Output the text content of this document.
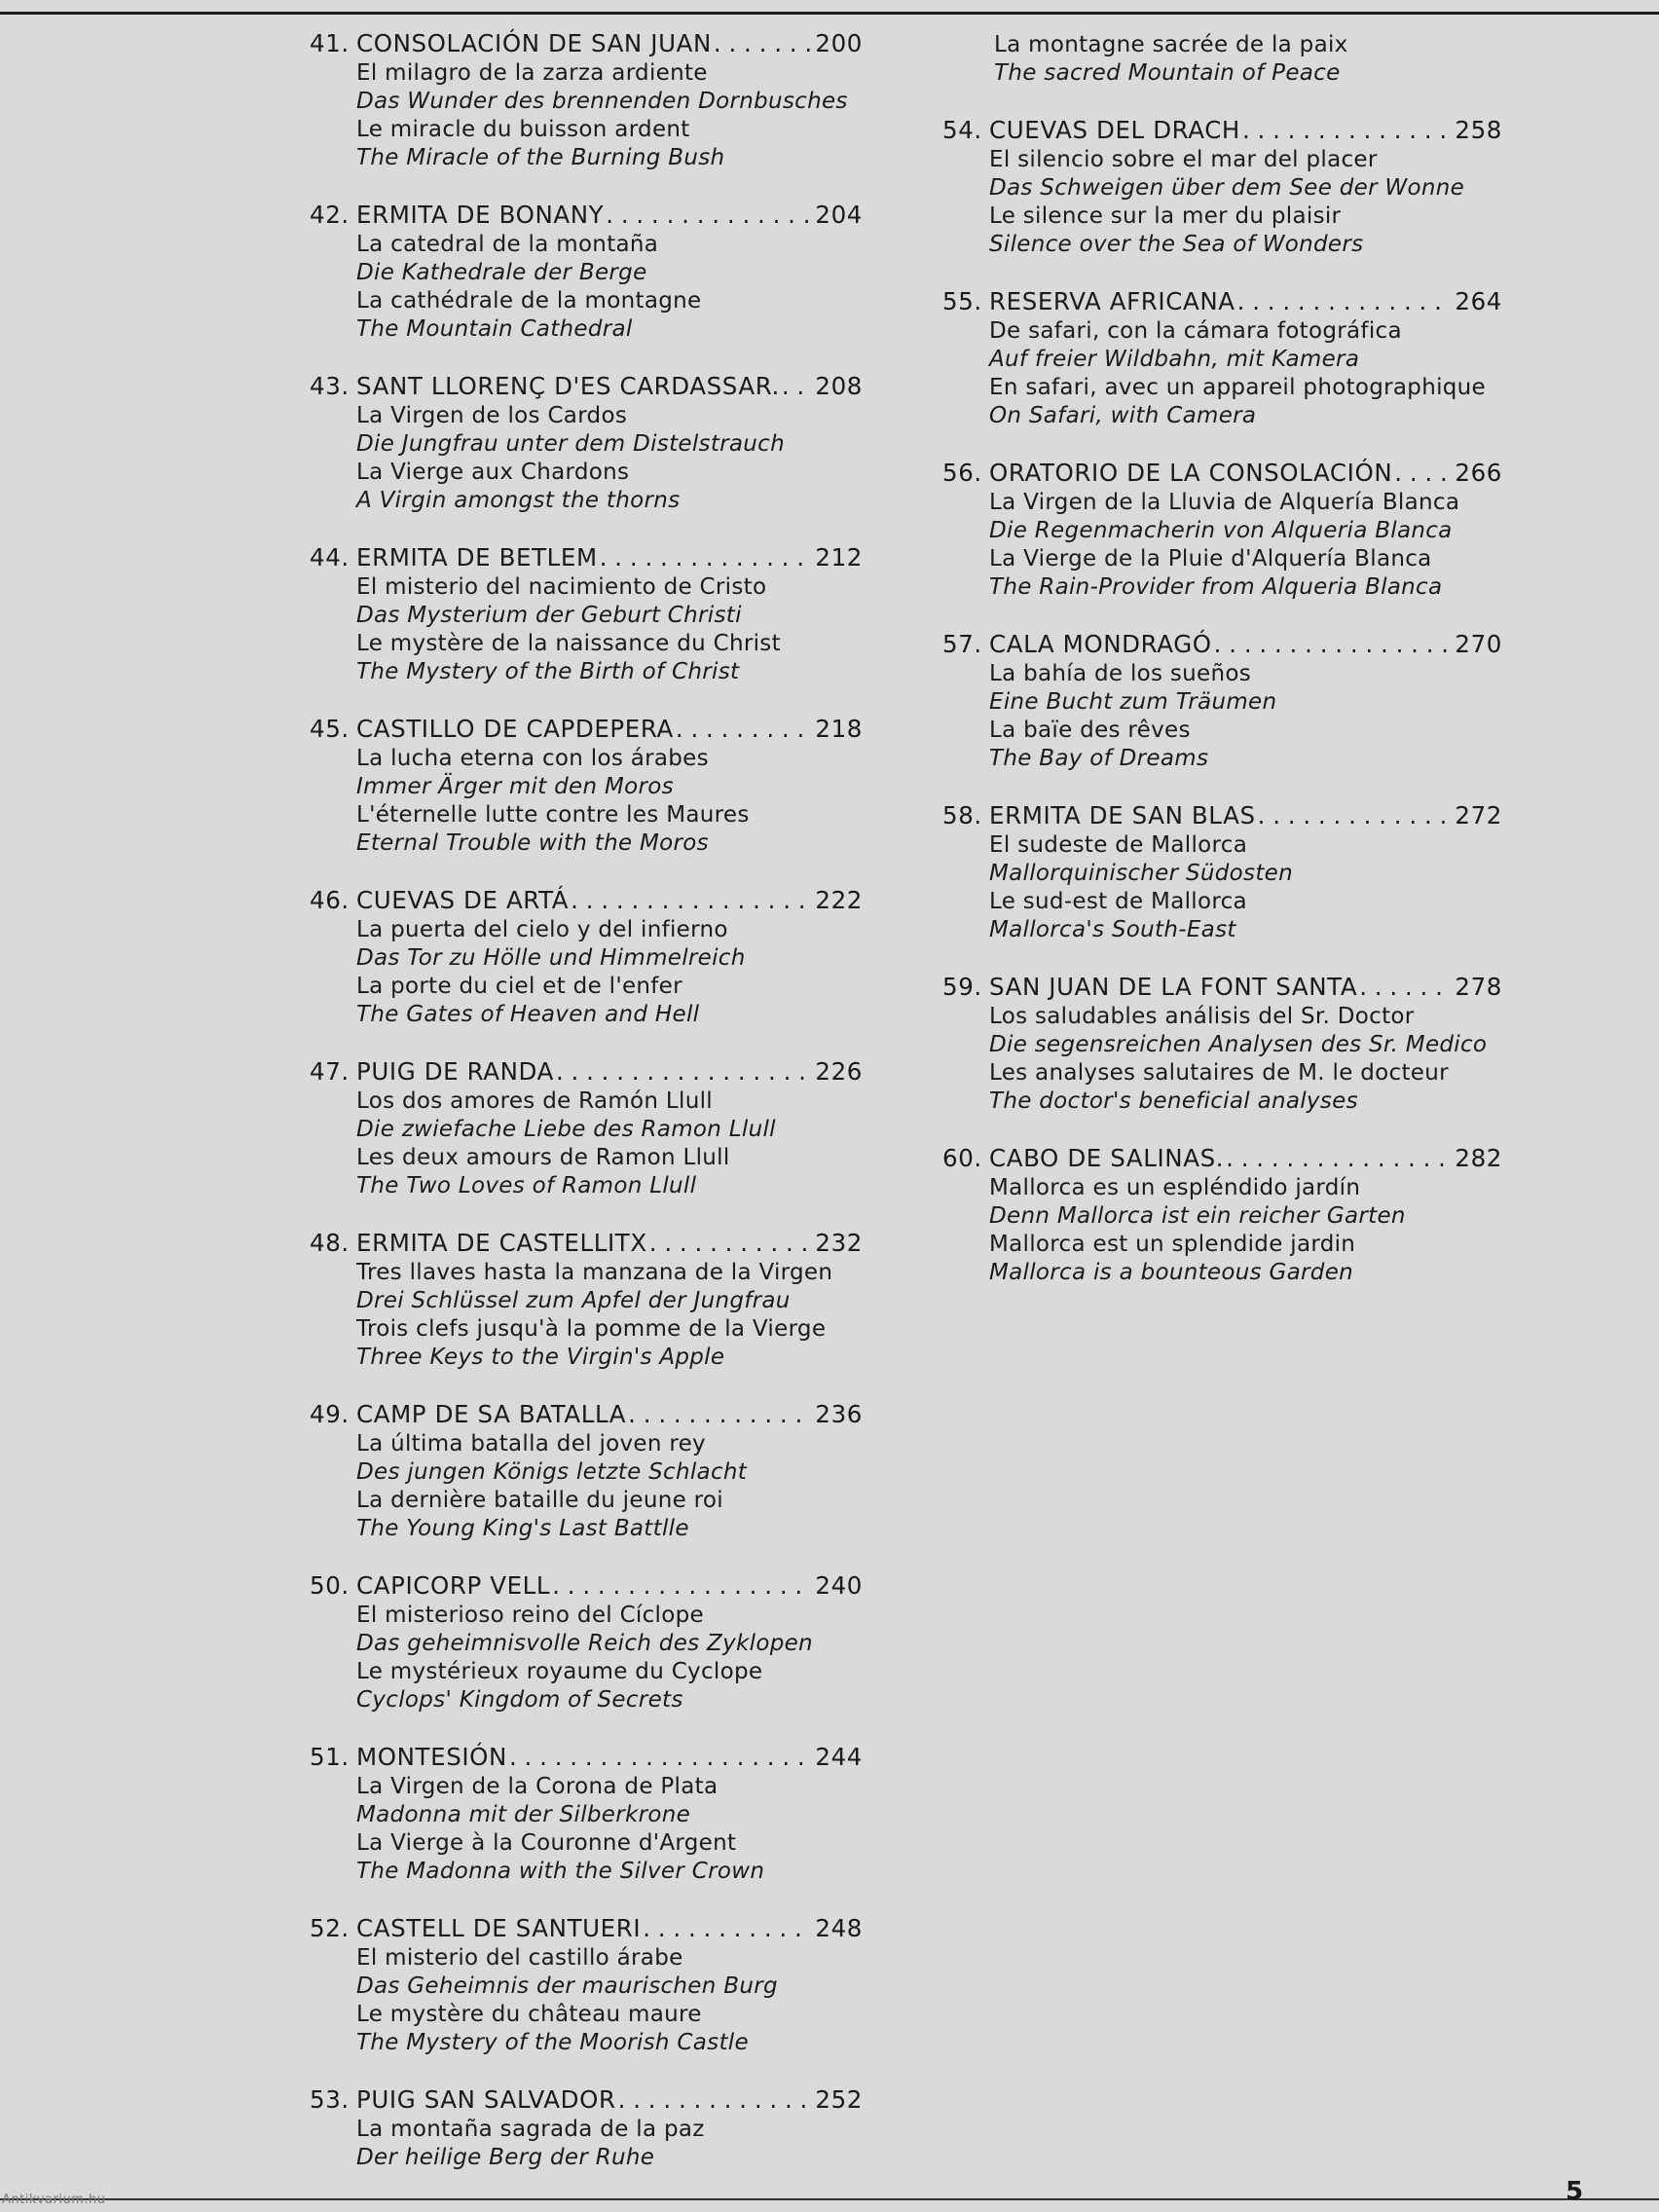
41. CONSOLACIÓN DE SAN JUAN . . .	200
El milagro de la zarza ardiente
Das Wunder des brennenden Dornbusches
Le miracle du buisson ardent
The Miracle of the Burning Bush
42. ERMITA DE BONANY . . .	204
La catedral de la montaña
Die Kathedrale der Berge
La cathédrale de la montagne
The Mountain Cathedral
43. SANT LLORENÇ D'ES CARDASSAR. . . . 208
La Virgen de los Cardos
Die Jungfrau unter dem Distelstrauch
La Vierge aux Chardons
A Virgin amongst the thorns
44. ERMITA DE BETLEM . . .	212
El misterio del nacimiento de Cristo
Das Mysterium der Geburt Christi
Le mystère de la naissance du Christ
The Mystery of the Birth of Christ
45. CASTILLO DE CAPDEPERA . . .	218
La lucha eterna con los árabes
Immer Ärger mit den Moros
L'éternelle lutte contre les Maures
Eternal Trouble with the Moros
46. CUEVAS DE ARTÁ . . .	222
La puerta del cielo y del infierno
Das Tor zu Hölle und Himmelreich
La porte du ciel et de l'enfer
The Gates of Heaven and Hell
47. PUIG DE RANDA . . .	226
Los dos amores de Ramón Llull
Die zwiefache Liebe des Ramon Llull
Les deux amours de Ramon Llull
The Two Loves of Ramon Llull
48. ERMITA DE CASTELLITX . . .	232
Tres llaves hasta la manzana de la Virgen
Drei Schlüssel zum Apfel der Jungfrau
Trois clefs jusqu'à la pomme de la Vierge
Three Keys to the Virgin's Apple
49. CAMP DE SA BATALLA . . .	236
La última batalla del joven rey
Des jungen Königs letzte Schlacht
La dernière bataille du jeune roi
The Young King's Last Battlle
50. CAPICORP VELL . . .	240
El misterioso reino del Cíclope
Das geheimnisvolle Reich des Zyklopen
Le mystérieux royaume du Cyclope
Cyclops' Kingdom of Secrets
51. MONTESIÓN . . .	244
La Virgen de la Corona de Plata
Madonna mit der Silberkrone
La Vierge à la Couronne d'Argent
The Madonna with the Silver Crown
52. CASTELL DE SANTUERI . . .	248
El misterio del castillo árabe
Das Geheimnis der maurischen Burg
Le mystère du château maure
The Mystery of the Moorish Castle
53. PUIG SAN SALVADOR . . .	252
La montaña sagrada de la paz
Der heilige Berg der Ruhe
La montagne sacrée de la paix
The sacred Mountain of Peace
54. CUEVAS DEL DRACH . . .	258
El silencio sobre el mar del placer
Das Schweigen über dem See der Wonne
Le silence sur la mer du plaisir
Silence over the Sea of Wonders
55. RESERVA AFRICANA . . .	264
De safari, con la cámara fotográfica
Auf freier Wildbahn, mit Kamera
En safari, avec un appareil photographique
On Safari, with Camera
56. ORATORIO DE LA CONSOLACIÓN . . .	266
La Virgen de la Lluvia de Alquería Blanca
Die Regenmacherin von Alqueria Blanca
La Vierge de la Pluie d'Alquería Blanca
The Rain-Provider from Alqueria Blanca
57. CALA MONDRAGÓ . . .	270
La bahía de los sueños
Eine Bucht zum Träumen
La baïe des rêves
The Bay of Dreams
58. ERMITA DE SAN BLAS . . .	272
El sudeste de Mallorca
Mallorquinischer Südosten
Le sud-est de Mallorca
Mallorca's South-East
59. SAN JUAN DE LA FONT SANTA . . .	278
Los saludables análisis del Sr. Doctor
Die segensreichen Analysen des Sr. Medico
Les analyses salutaires de M. le docteur
The doctor's beneficial analyses
60. CABO DE SALINAS. . . .	282
Mallorca es un espléndido jardín
Denn Mallorca ist ein reicher Garten
Mallorca est un splendide jardin
Mallorca is a bounteous Garden
Antikvarium.hu	5
